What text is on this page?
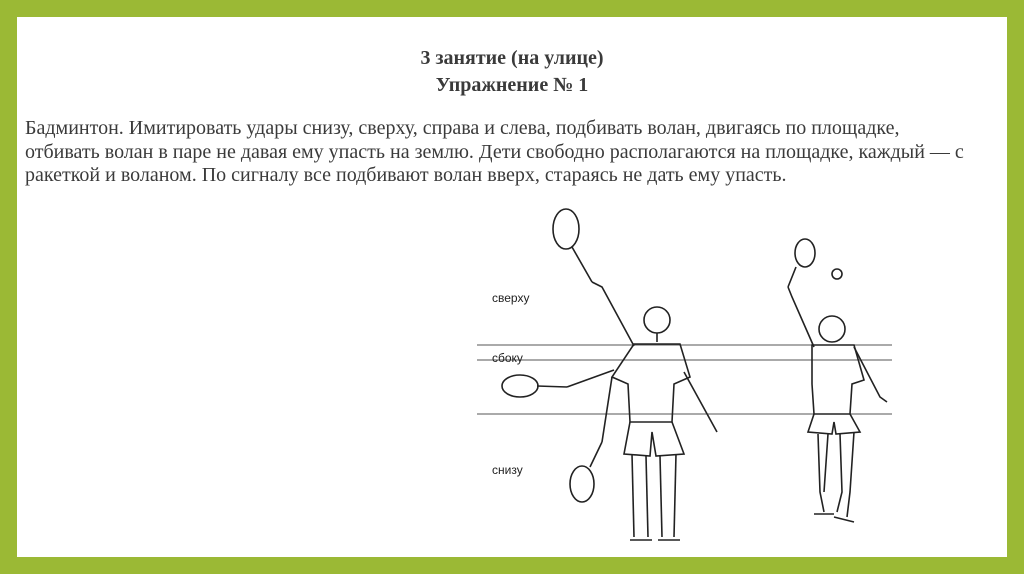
3 занятие (на улице)
Упражнение № 1
Бадминтон. Имитировать удары снизу, сверху, справа и слева, подбивать волан, двигаясь по площадке, отбивать волан в паре не давая ему упасть на землю. Дети свободно располагаются на площадке, каждый — с ракеткой и воланом. По сигналу все подбивают волан вверх, стараясь не дать ему упасть.
сверху
сбоку
снизу
